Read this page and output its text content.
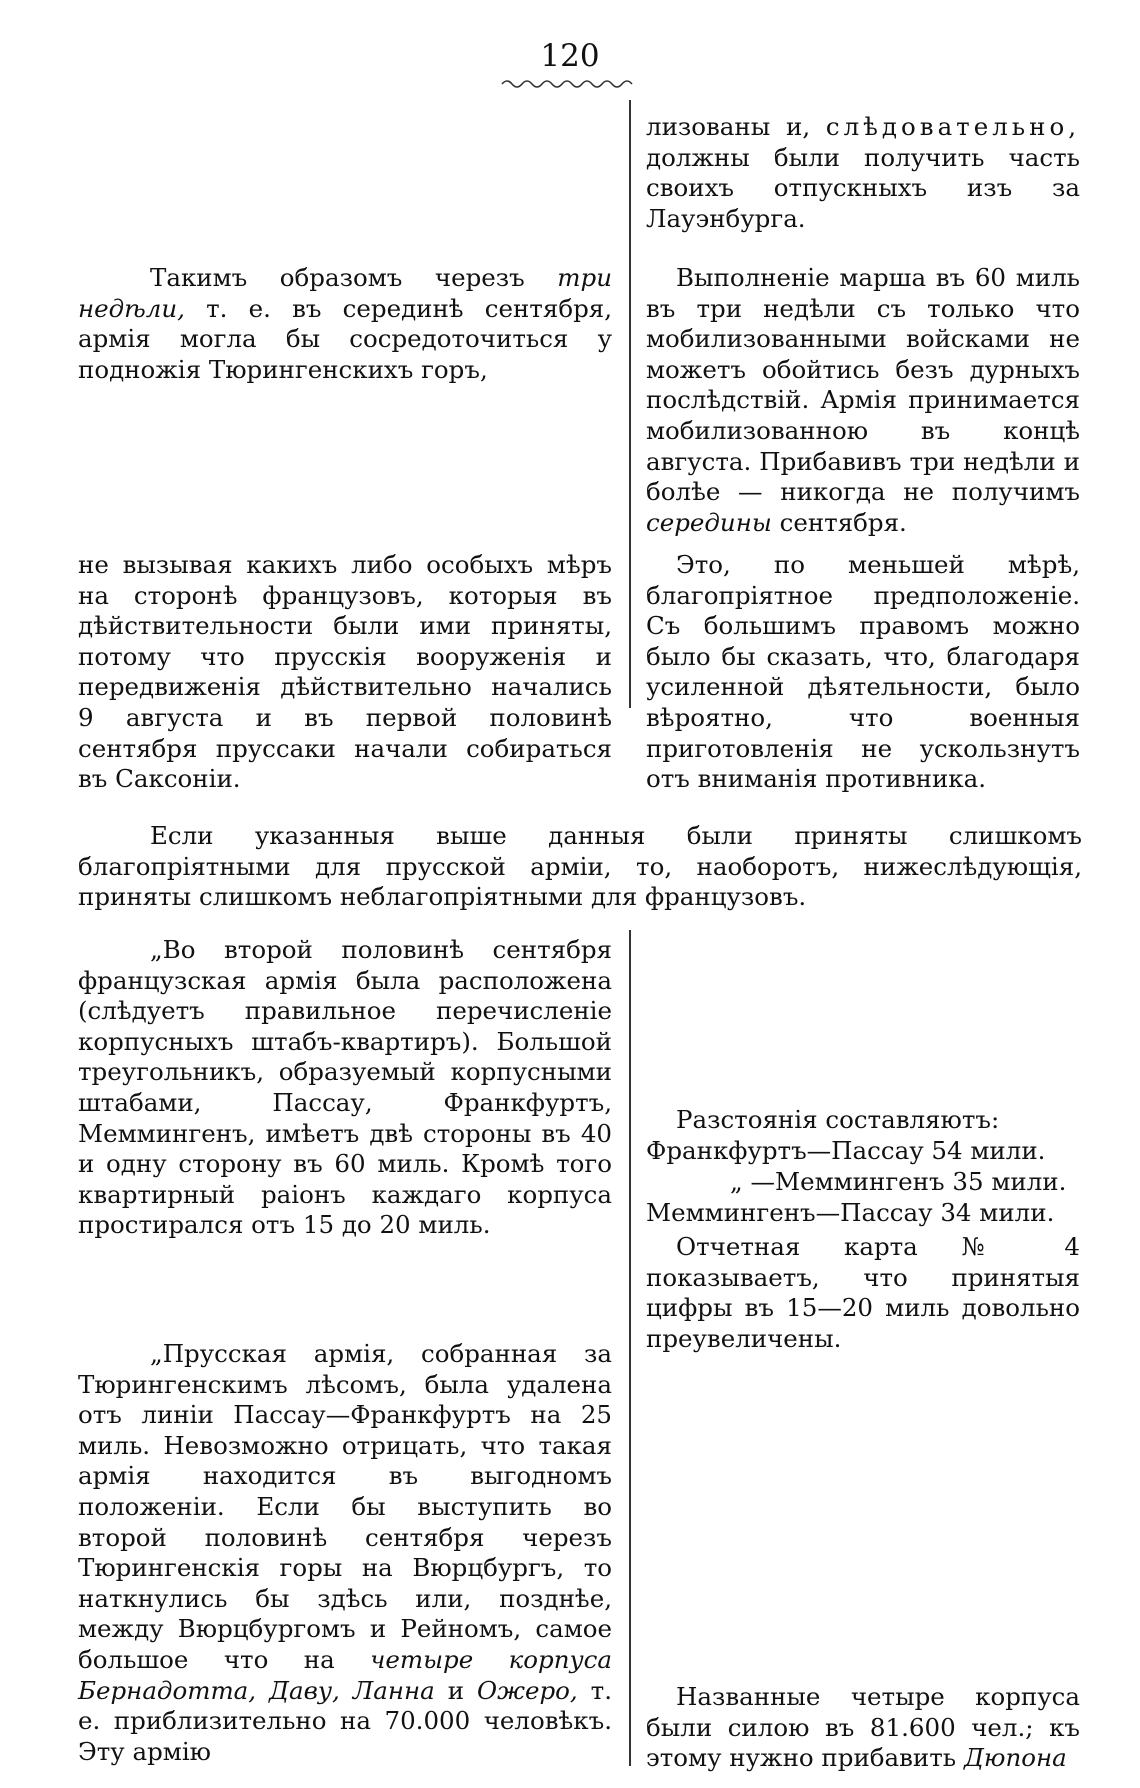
120

лизованы и, слѣдовательно, должны были получить часть своихъ отпускныхъ изъ за Лауэнбурга.

Такимъ образомъ черезъ три недѣли, т. е. въ серединѣ сентября, армія могла бы сосредоточиться у подножія Тюрингенскихъ горъ,

Выполненіе марша въ 60 миль въ три недѣли съ только что мобилизованными войсками не можетъ обойтись безъ дурныхъ послѣдствій. Армія принимается мобилизованною въ концѣ августа. Прибавивъ три недѣли и болѣе — никогда не получимъ середины сентября.

не вызывая какихъ либо особыхъ мѣръ на сторонѣ французовъ, которыя въ дѣйствительности были ими приняты, потому что прусскія вооруженія и передвиженія дѣйствительно начались 9 августа и въ первой половинѣ сентября пруссаки начали собираться въ Саксоніи.

Это, по меньшей мѣрѣ, благопріятное предположеніе. Съ большимъ правомъ можно было бы сказать, что, благодаря усиленной дѣятельности, было вѣроятно, что военныя приготовленія не ускользнутъ отъ вниманія противника.

Если указанныя выше данныя были приняты слишкомъ благопріятными для прусской арміи, то, наоборотъ, нижеслѣдующія, приняты слишкомъ неблагопріятными для французовъ.

„Во второй половинѣ сентября французская армія была расположена (слѣдуетъ правильное перечисленіе корпусныхъ штабъ-квартиръ). Большой треугольникъ, образуемый корпусными штабами, Пассау, Франкфуртъ, Меммингенъ, имѣетъ двѣ стороны въ 40 и одну сторону въ 60 миль. Кромѣ того квартирный раіонъ каждаго корпуса простирался отъ 15 до 20 миль.

Разстоянія составляютъ:

Франкфуртъ—Пассау 54 мили.

„ —Меммингенъ 35 мили.

Меммингенъ—Пассау 34 мили.

Отчетная карта № 4 показываетъ, что принятыя цифры въ 15—20 миль довольно преувеличены.

„Прусская армія, собранная за Тюрингенскимъ лѣсомъ, была удалена отъ линіи Пассау—Франкфуртъ на 25 миль. Невозможно отрицать, что такая армія находится въ выгодномъ положеніи. Если бы выступить во второй половинѣ сентября черезъ Тюрингенскія горы на Вюрцбургъ, то наткнулись бы здѣсь или, позднѣе, между Вюрцбургомъ и Рейномъ, самое большое что на четыре корпуса Бернадотта, Даву, Ланна и Ожеро, т. е. приблизительно на 70.000 человѣкъ. Эту армію

Названные четыре корпуса были силою въ 81.600 чел.; къ этому нужно прибавить Дюпона
